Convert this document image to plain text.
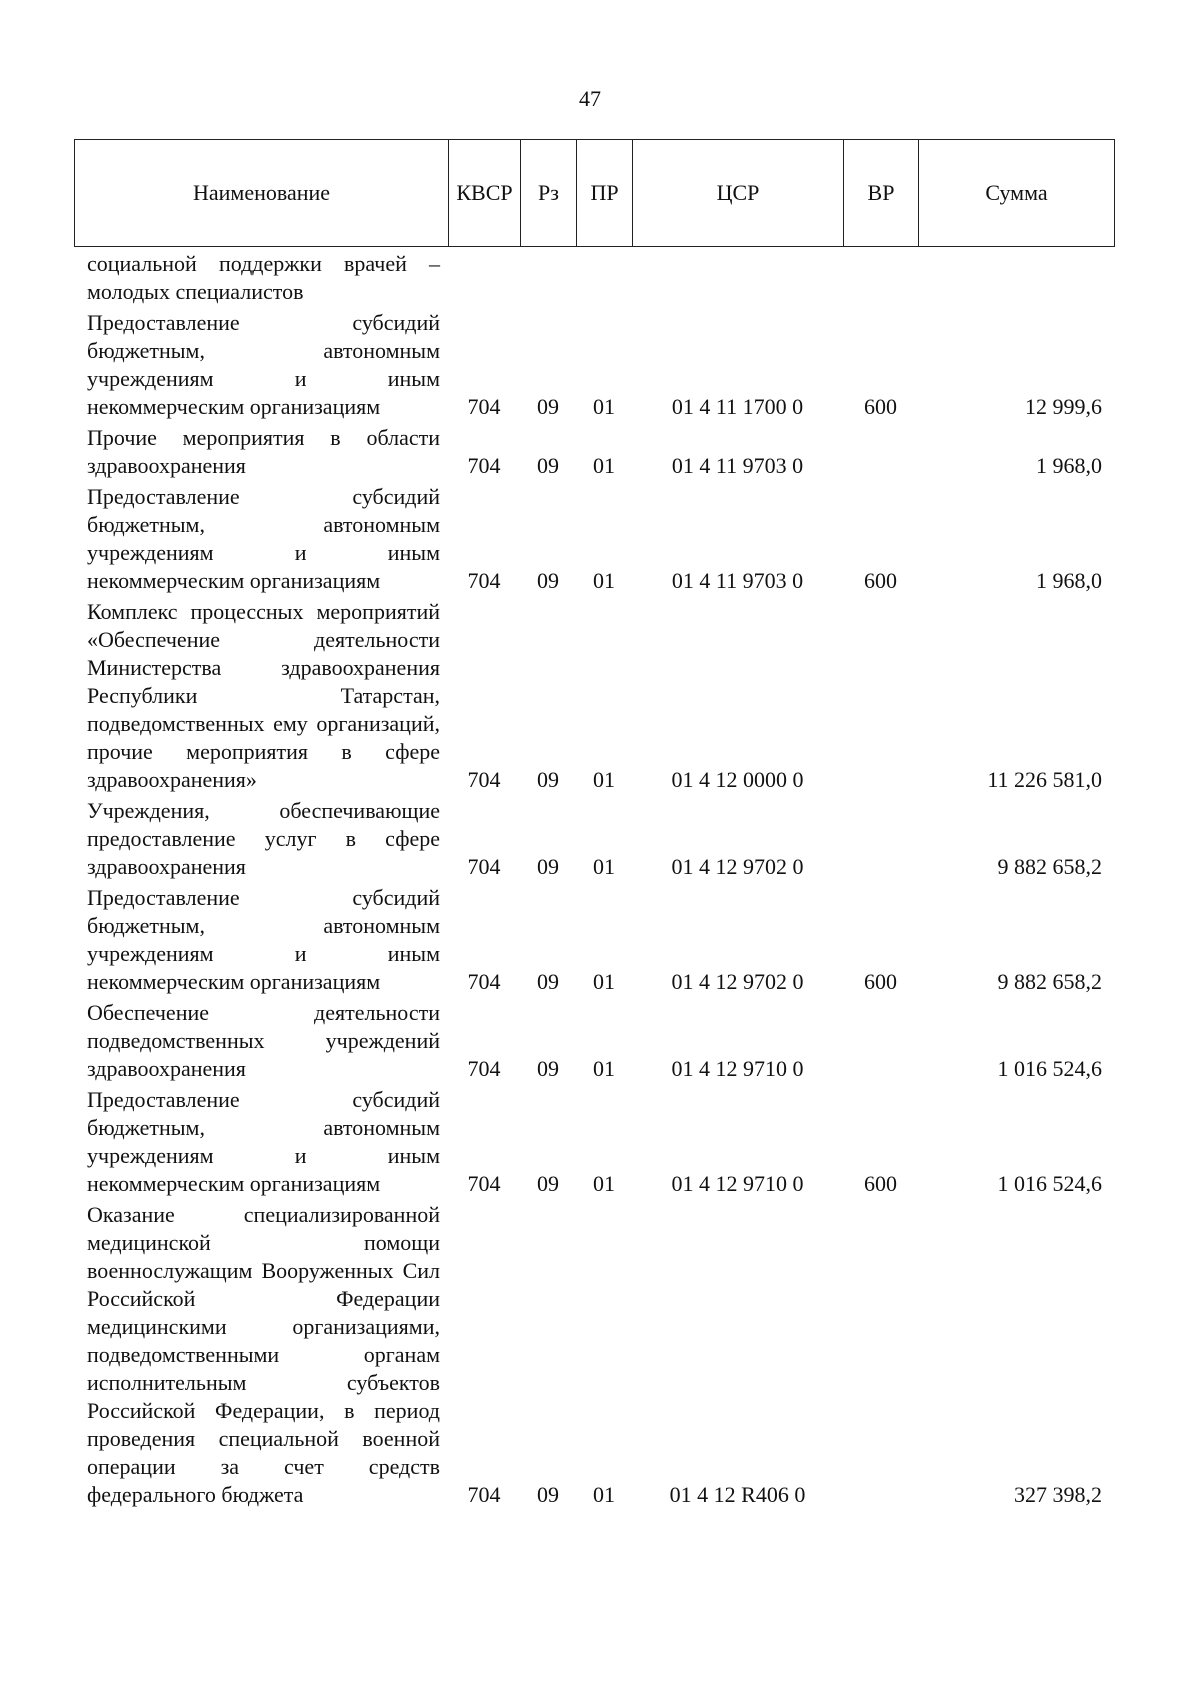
47
Наименование	КВСР	Рз	ПР	ЦСР	ВР	Сумма
социальной поддержки врачей – молодых специалистов						
Предоставление субсидий бюджетным, автономным учреждениям и иным некоммерческим организациям	704	09	01	01 4 11 1700 0	600	12 999,6
Прочие мероприятия в области здравоохранения	704	09	01	01 4 11 9703 0		1 968,0
Предоставление субсидий бюджетным, автономным учреждениям и иным некоммерческим организациям	704	09	01	01 4 11 9703 0	600	1 968,0
Комплекс процессных мероприятий «Обеспечение деятельности Министерства здравоохранения Республики Татарстан, подведомственных ему организаций, прочие мероприятия в сфере здравоохранения»	704	09	01	01 4 12 0000 0		11 226 581,0
Учреждения, обеспечивающие предоставление услуг в сфере здравоохранения	704	09	01	01 4 12 9702 0		9 882 658,2
Предоставление субсидий бюджетным, автономным учреждениям и иным некоммерческим организациям	704	09	01	01 4 12 9702 0	600	9 882 658,2
Обеспечение деятельности подведомственных учреждений здравоохранения	704	09	01	01 4 12 9710 0		1 016 524,6
Предоставление субсидий бюджетным, автономным учреждениям и иным некоммерческим организациям	704	09	01	01 4 12 9710 0	600	1 016 524,6
Оказание специализированной медицинской помощи военнослужащим Вооруженных Сил Российской Федерации медицинскими организациями, подведомственными органам исполнительным субъектов Российской Федерации, в период проведения специальной военной операции за счет средств федерального бюджета	704	09	01	01 4 12 R406 0		327 398,2
